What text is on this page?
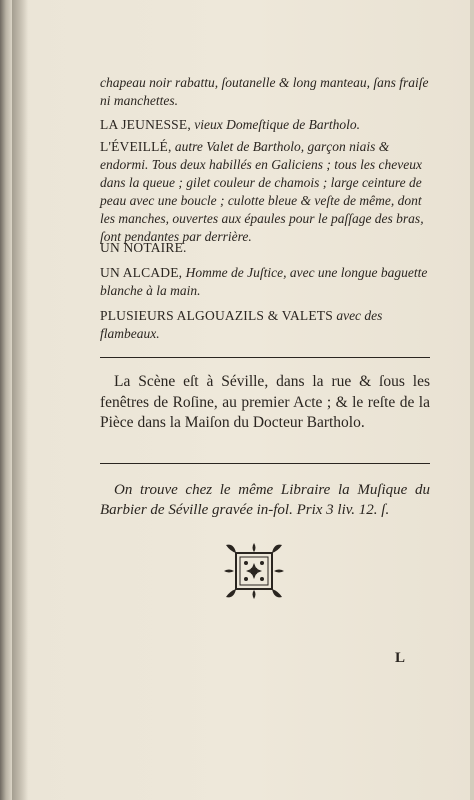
chapeau noir rabattu, ſoutanelle & long manteau, ſans fraiſe ni manchettes.

LA JEUNESSE, vieux Domeſtique de Bartholo.

L'ÉVEILLÉ, autre Valet de Bartholo, garçon niais & endormi. Tous deux habillés en Galiciens ; tous les cheveux dans la queue ; gilet couleur de chamois ; large ceinture de peau avec une boucle ; culotte bleue & veſte de même, dont les manches, ouvertes aux épaules pour le paſſage des bras, ſont pendantes par derrière.

UN NOTAIRE.

UN ALCADE, Homme de Juſtice, avec une longue baguette blanche à la main.

PLUSIEURS ALGOUAZILS & VALETS avec des flambeaux.

La Scène eſt à Séville, dans la rue & ſous les fenêtres de Roſine, au premier Acte ; & le reſte de la Pièce dans la Maiſon du Docteur Bartholo.

On trouve chez le même Libraire la Muſique du Barbier de Séville gravée in-fol. Prix 3 liv. 12. ſ.

L
